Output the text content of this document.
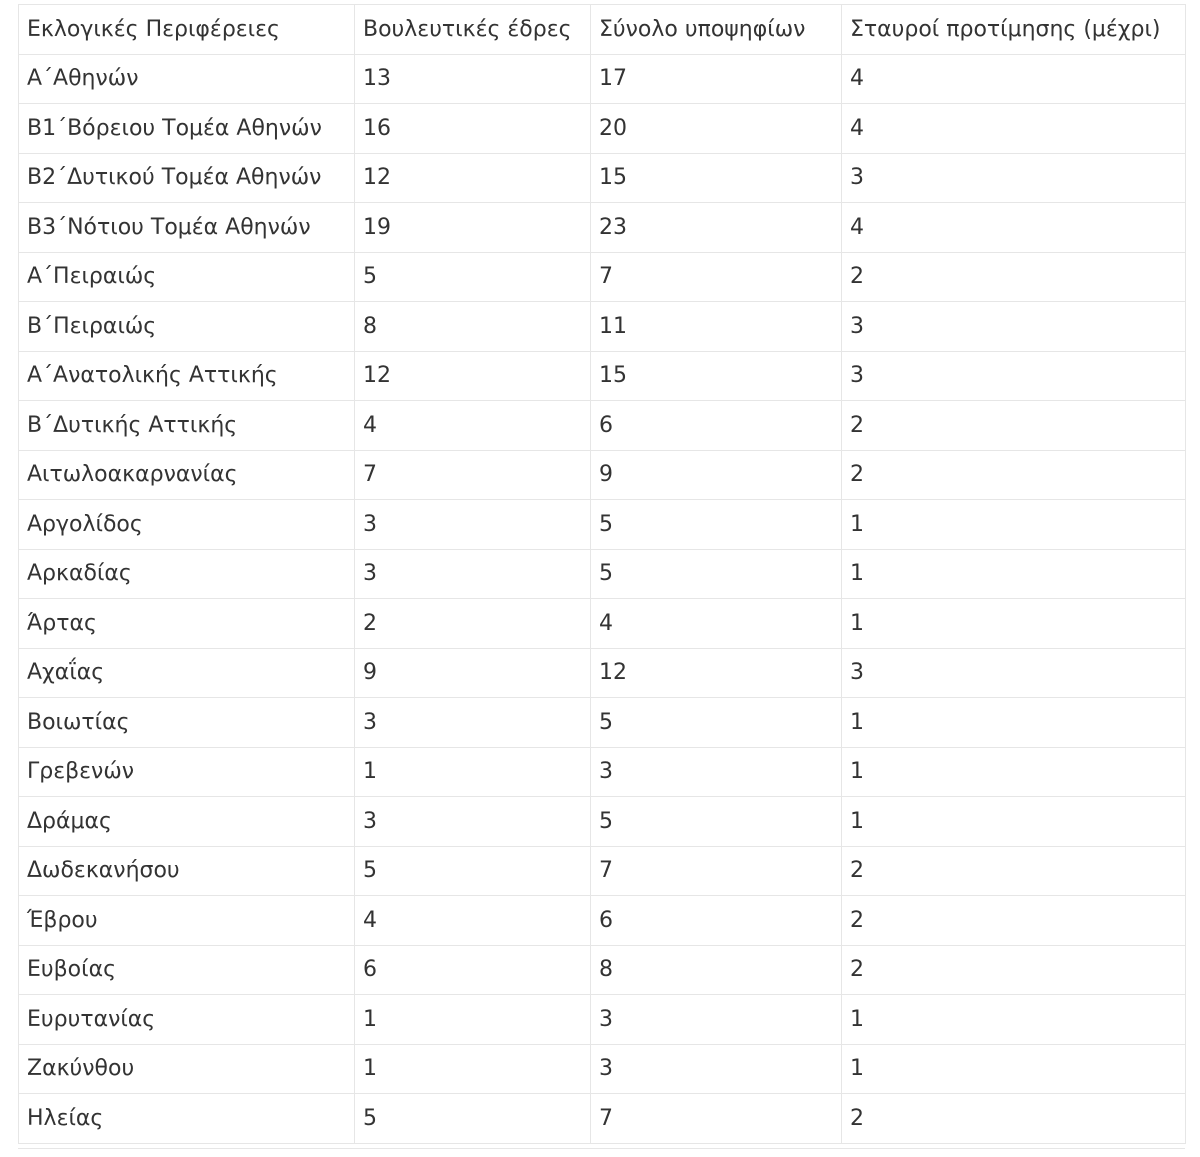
Εκλογικές Περιφέρειες	Βουλευτικές έδρες	Σύνολο υποψηφίων	Σταυροί προτίμησης (μέχρι)
Α΄Αθηνών	13	17	4
Β1΄Βόρειου Τομέα Αθηνών	16	20	4
Β2΄Δυτικού Τομέα Αθηνών	12	15	3
Β3΄Νότιου Τομέα Αθηνών	19	23	4
Α΄Πειραιώς	5	7	2
Β΄Πειραιώς	8	11	3
Α΄Ανατολικής Αττικής	12	15	3
Β΄Δυτικής Αττικής	4	6	2
Αιτωλοακαρνανίας	7	9	2
Αργολίδος	3	5	1
Αρκαδίας	3	5	1
Άρτας	2	4	1
Αχαΐας	9	12	3
Βοιωτίας	3	5	1
Γρεβενών	1	3	1
Δράμας	3	5	1
Δωδεκανήσου	5	7	2
Έβρου	4	6	2
Ευβοίας	6	8	2
Ευρυτανίας	1	3	1
Ζακύνθου	1	3	1
Ηλείας	5	7	2
